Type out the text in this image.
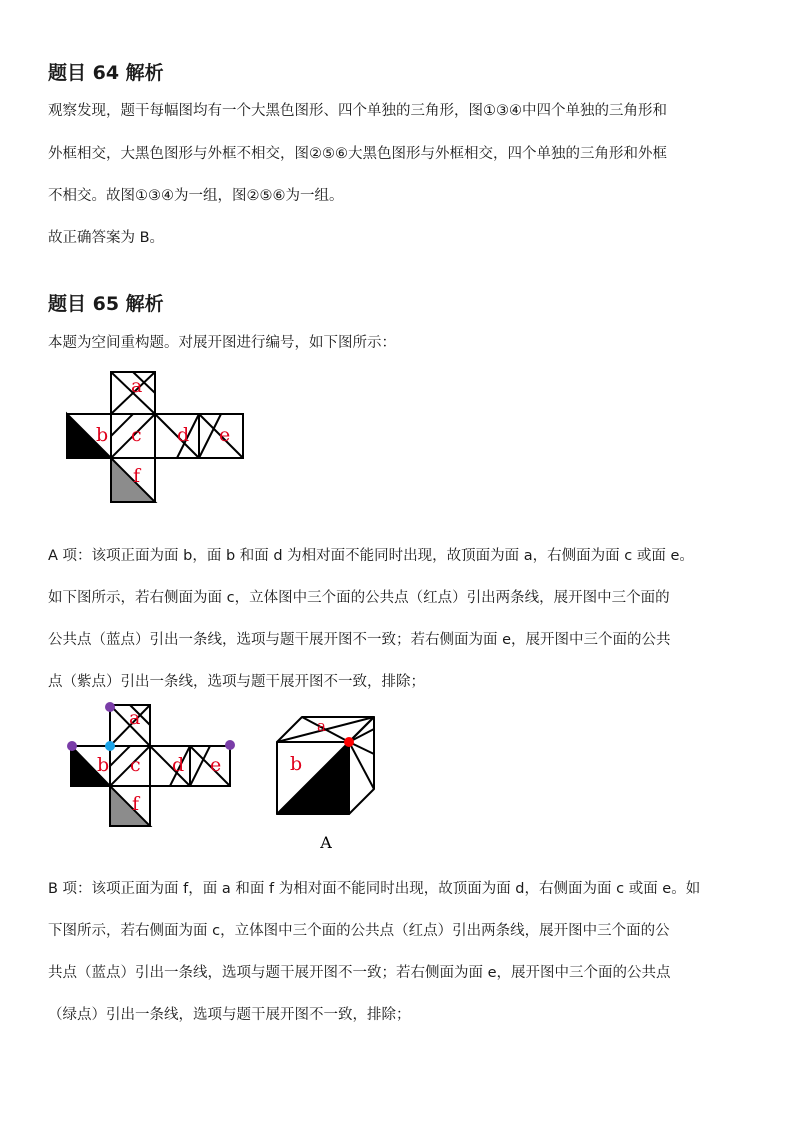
题目 64 解析
观察发现，题干每幅图均有一个大黑色图形、四个单独的三角形，图①③④中四个单独的三角形和
外框相交，大黑色图形与外框不相交，图②⑤⑥大黑色图形与外框相交，四个单独的三角形和外框
不相交。故图①③④为一组，图②⑤⑥为一组。
故正确答案为 B。
题目 65 解析
本题为空间重构题。对展开图进行编号，如下图所示：
a
b c d e
f
A 项：该项正面为面 b，面 b 和面 d 为相对面不能同时出现，故顶面为面 a，右侧面为面 c 或面 e。
如下图所示，若右侧面为面 c，立体图中三个面的公共点（红点）引出两条线，展开图中三个面的
公共点（蓝点）引出一条线，选项与题干展开图不一致；若右侧面为面 e，展开图中三个面的公共
点（紫点）引出一条线，选项与题干展开图不一致，排除；
a
b c d e
f
a
b
A
B 项：该项正面为面 f，面 a 和面 f 为相对面不能同时出现，故顶面为面 d，右侧面为面 c 或面 e。如
下图所示，若右侧面为面 c，立体图中三个面的公共点（红点）引出两条线，展开图中三个面的公
共点（蓝点）引出一条线，选项与题干展开图不一致；若右侧面为面 e，展开图中三个面的公共点
（绿点）引出一条线，选项与题干展开图不一致，排除；
